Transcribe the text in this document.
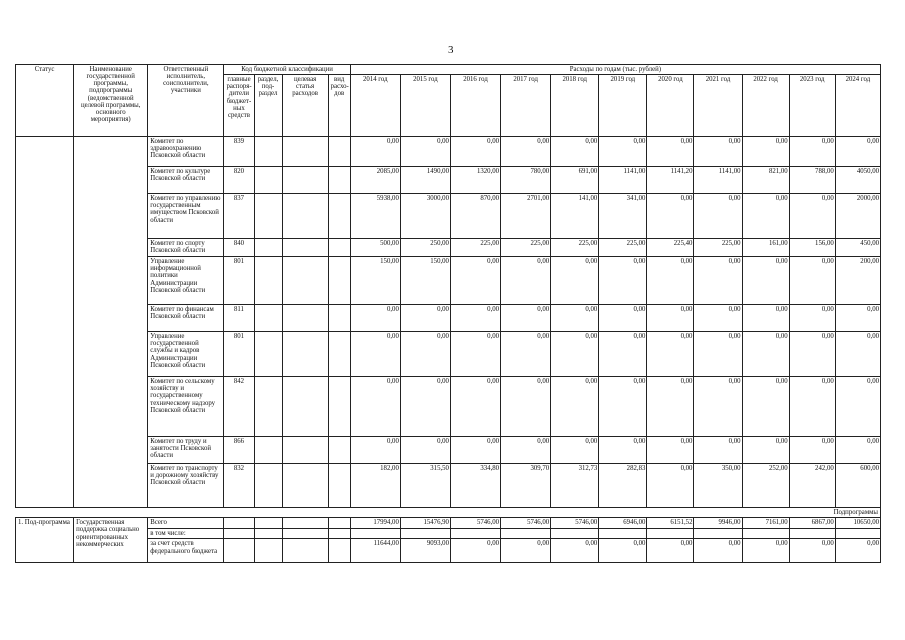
3
Статус	Наименование государственной программы, подпрограммы (ведомственной целевой программы, основного мероприятия)	Ответственный исполнитель, соисполнители, участники	Код бюджетной классификации				Расходы по годам (тыс. рублей)										
			главные распоря-дители бюджет-ных средств	раздел, под-раздел	целевая статья расходов	вид расхо-дов	2014 год	2015 год	2016 год	2017 год	2018 год	2019 год	2020 год	2021 год	2022 год	2023 год	2024 год
		Комитет по здравоохранению Псковской области	839				0,00	0,00	0,00	0,00	0,00	0,00	0,00	0,00	0,00	0,00	0,00
		Комитет по культуре Псковской области	820				2085,00	1490,00	1320,00	780,00	691,00	1141,00	1141,20	1141,00	821,00	788,00	4050,00
		Комитет по управлению государственным имуществом Псковской области	837				5938,00	3000,00	870,00	2701,00	141,00	341,00	0,00	0,00	0,00	0,00	2000,00
		Комитет по спорту Псковской области	840				500,00	250,00	225,00	225,00	225,00	225,00	225,40	225,00	161,00	156,00	450,00
		Управление информационной политики Администрации Псковской области	801				150,00	150,00	0,00	0,00	0,00	0,00	0,00	0,00	0,00	0,00	200,00
		Комитет по финансам Псковской области	811				0,00	0,00	0,00	0,00	0,00	0,00	0,00	0,00	0,00	0,00	0,00
		Управление государственной службы и кадров Администрации Псковской области	801				0,00	0,00	0,00	0,00	0,00	0,00	0,00	0,00	0,00	0,00	0,00
		Комитет по сельскому хозяйству и государственному техническому надзору Псковской области	842				0,00	0,00	0,00	0,00	0,00	0,00	0,00	0,00	0,00	0,00	0,00
		Комитет по труду и занятости Псковской области	866				0,00	0,00	0,00	0,00	0,00	0,00	0,00	0,00	0,00	0,00	0,00
		Комитет по транспорту и дорожному хозяйству Псковской области	832				182,00	315,50	334,80	309,70	312,73	282,83	0,00	350,00	252,00	242,00	600,00
Подпрограммы																	
1. Под-программа	Государственная поддержка социально ориентированных некоммерческих	Всего					17994,00	15476,90	5746,00	5746,00	5746,00	6946,00	6151,52	9946,00	7161,00	6867,00	10650,00
		в том числе:															
		за счет средств федерального бюджета					11644,00	9093,00	0,00	0,00	0,00	0,00	0,00	0,00	0,00	0,00	0,00
